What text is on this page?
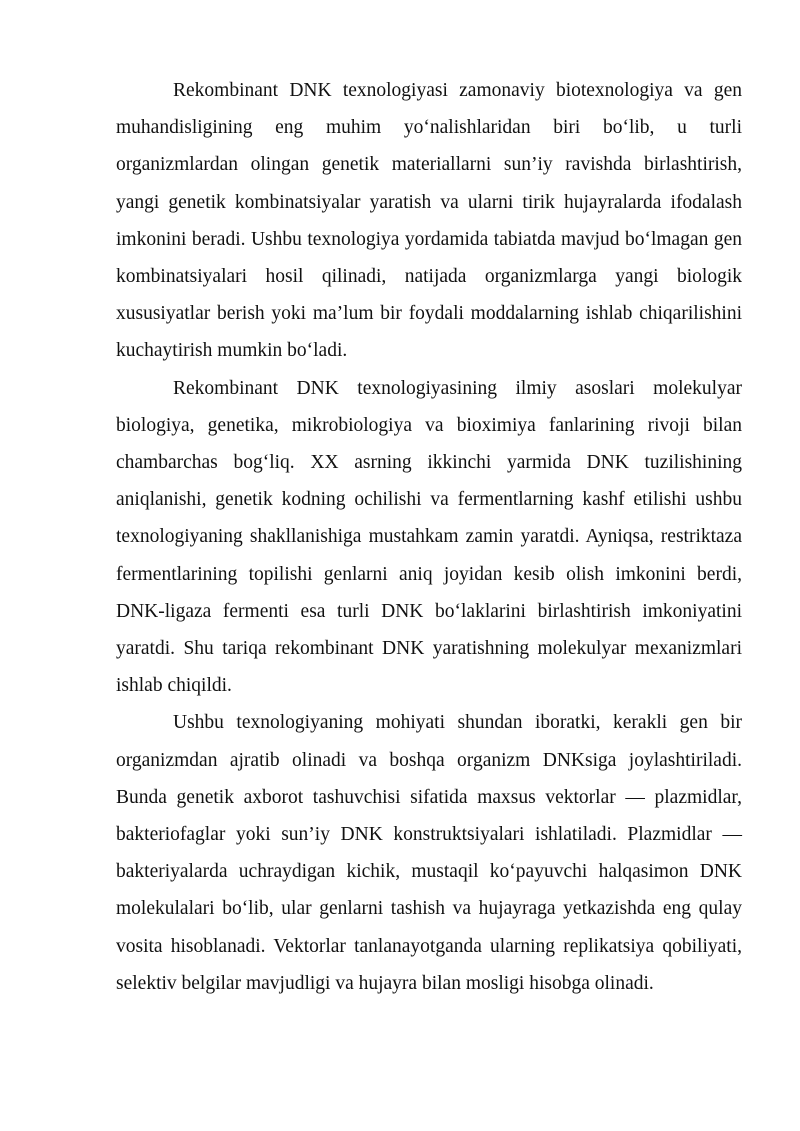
Rekombinant DNK texnologiyasi zamonaviy biotexnologiya va gen muhandisligining eng muhim yo‘nalishlaridan biri bo‘lib, u turli organizmlardan olingan genetik materiallarni sun’iy ravishda birlashtirish, yangi genetik kombinatsiyalar yaratish va ularni tirik hujayralarda ifodalash imkonini beradi. Ushbu texnologiya yordamida tabiatda mavjud bo‘lmagan gen kombinatsiyalari hosil qilinadi, natijada organizmlarga yangi biologik xususiyatlar berish yoki ma’lum bir foydali moddalarning ishlab chiqarilishini kuchaytirish mumkin bo‘ladi.

Rekombinant DNK texnologiyasining ilmiy asoslari molekulyar biologiya, genetika, mikrobiologiya va bioximiya fanlarining rivoji bilan chambarchas bog‘liq. XX asrning ikkinchi yarmida DNK tuzilishining aniqlanishi, genetik kodning ochilishi va fermentlarning kashf etilishi ushbu texnologiyaning shakllanishiga mustahkam zamin yaratdi. Ayniqsa, restriktaza fermentlarining topilishi genlarni aniq joyidan kesib olish imkonini berdi, DNK-ligaza fermenti esa turli DNK bo‘laklarini birlashtirish imkoniyatini yaratdi. Shu tariqa rekombinant DNK yaratishning molekulyar mexanizmlari ishlab chiqildi.

Ushbu texnologiyaning mohiyati shundan iboratki, kerakli gen bir organizmdan ajratib olinadi va boshqa organizm DNKsiga joylashtiriladi. Bunda genetik axborot tashuvchisi sifatida maxsus vektorlar — plazmidlar, bakteriofaglar yoki sun’iy DNK konstruktsiyalari ishlatiladi. Plazmidlar — bakteriyalarda uchraydigan kichik, mustaqil ko‘payuvchi halqasimon DNK molekulalari bo‘lib, ular genlarni tashish va hujayraga yetkazishda eng qulay vosita hisoblanadi. Vektorlar tanlanayotganda ularning replikatsiya qobiliyati, selektiv belgilar mavjudligi va hujayra bilan mosligi hisobga olinadi.
